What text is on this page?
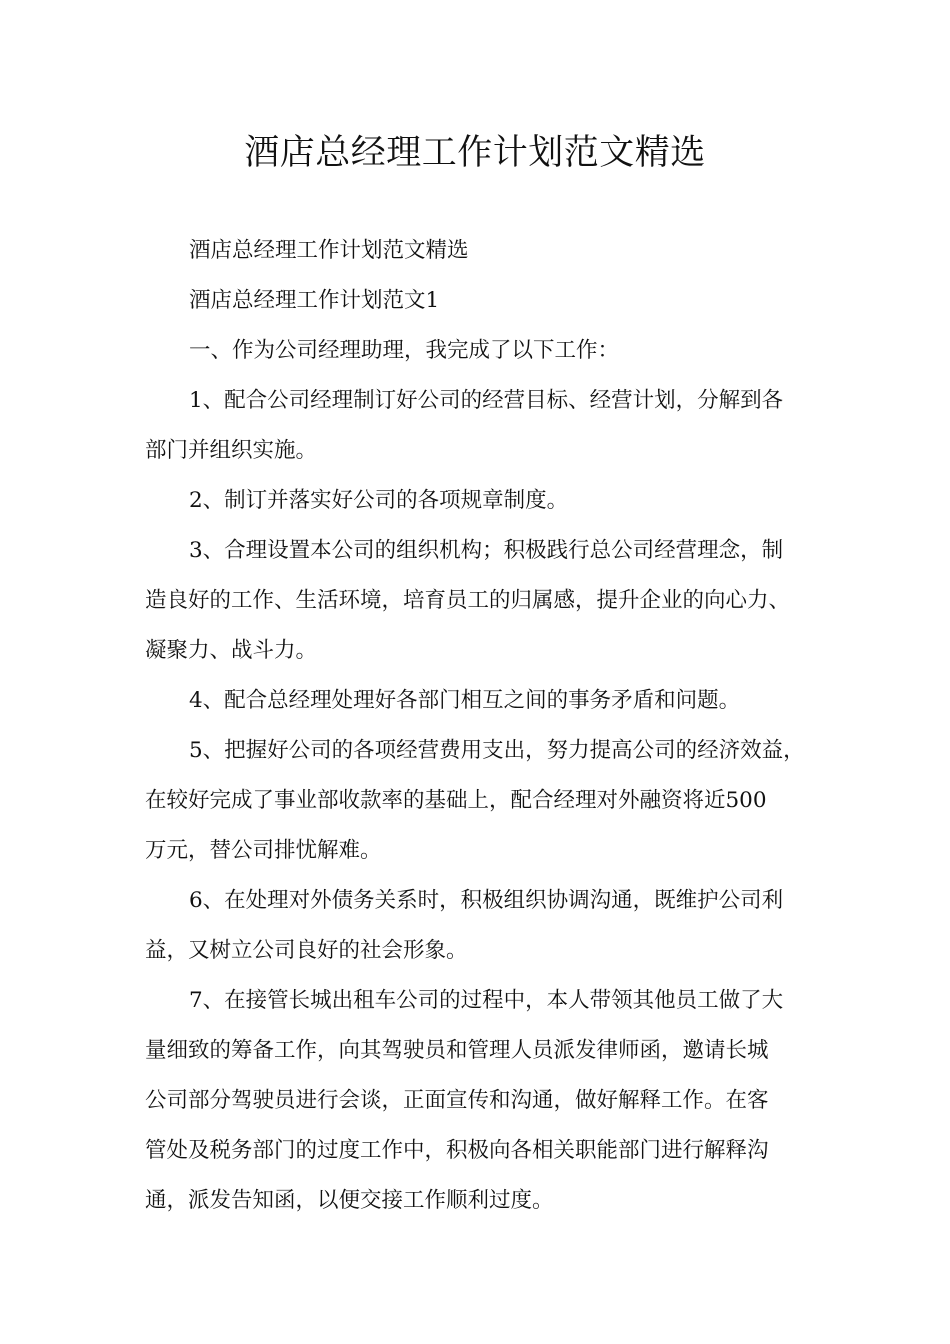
酒店总经理工作计划范文精选

酒店总经理工作计划范文精选

酒店总经理工作计划范文1

一、作为公司经理助理，我完成了以下工作：

1、配合公司经理制订好公司的经营目标、经营计划，分解到各
部门并组织实施。

2、制订并落实好公司的各项规章制度。

3、合理设置本公司的组织机构；积极践行总公司经营理念，制
造良好的工作、生活环境，培育员工的归属感，提升企业的向心力、
凝聚力、战斗力。

4、配合总经理处理好各部门相互之间的事务矛盾和问题。

5、把握好公司的各项经营费用支出，努力提高公司的经济效益，
在较好完成了事业部收款率的基础上，配合经理对外融资将近500
万元，替公司排忧解难。

6、在处理对外债务关系时，积极组织协调沟通，既维护公司利
益，又树立公司良好的社会形象。

7、在接管长城出租车公司的过程中，本人带领其他员工做了大
量细致的筹备工作，向其驾驶员和管理人员派发律师函，邀请长城
公司部分驾驶员进行会谈，正面宣传和沟通，做好解释工作。在客
管处及税务部门的过度工作中，积极向各相关职能部门进行解释沟
通，派发告知函，以便交接工作顺利过度。
